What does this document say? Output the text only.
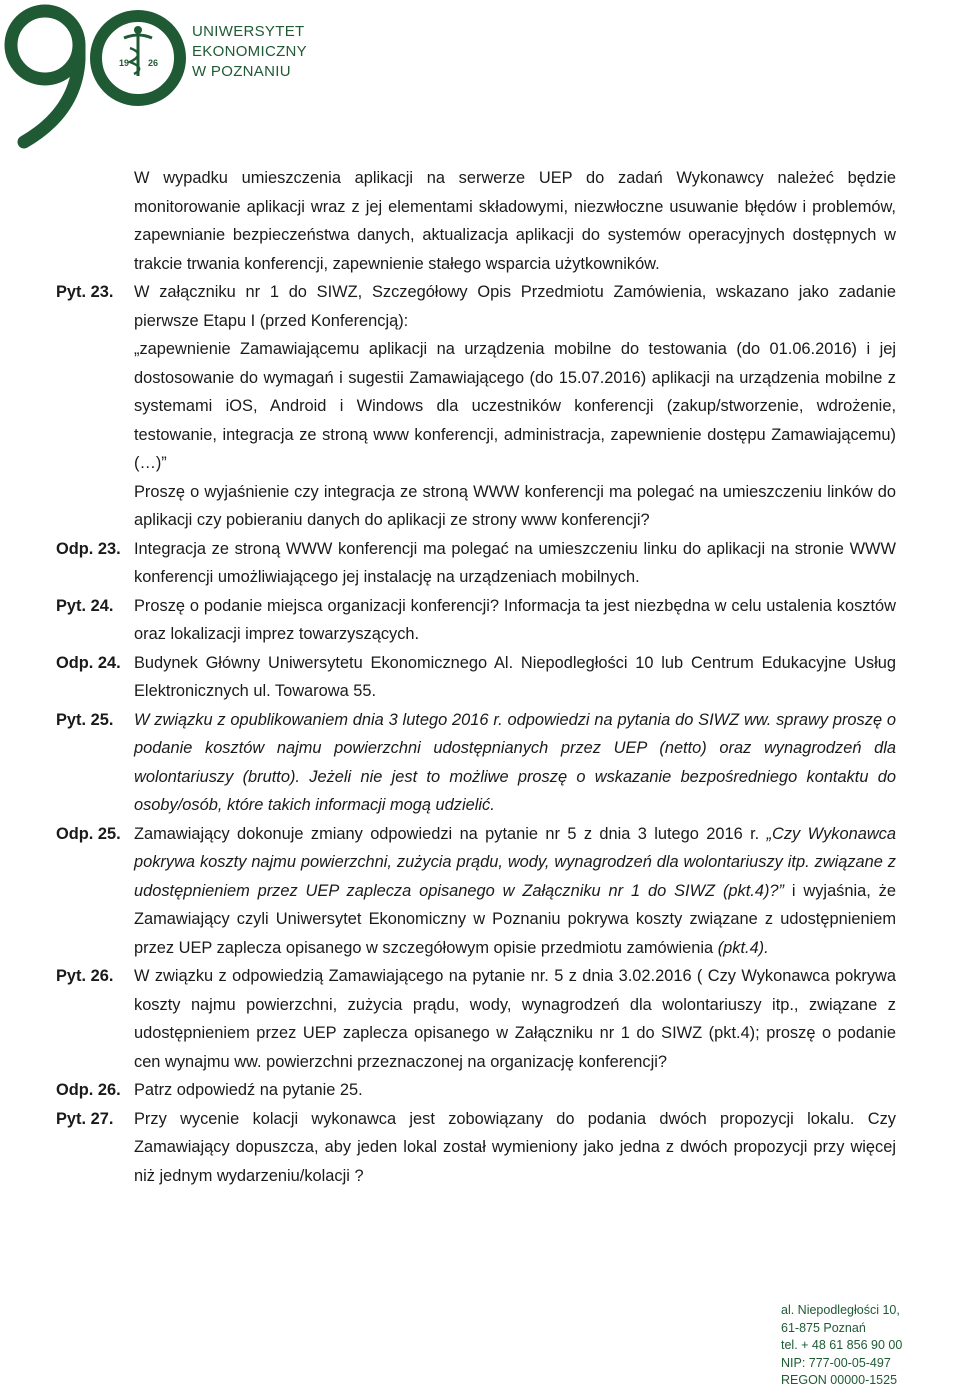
19 26
UNIWERSYTET
EKONOMICZNY
W POZNANIU
W wypadku umieszczenia aplikacji na serwerze UEP do zadań Wykonawcy należeć będzie monitorowanie aplikacji wraz z jej elementami składowymi, niezwłoczne usuwanie błędów i problemów, zapewnianie bezpieczeństwa danych, aktualizacja aplikacji do systemów operacyjnych dostępnych w trakcie trwania konferencji, zapewnienie stałego wsparcia użytkowników.
Pyt. 23.	W załączniku nr 1 do SIWZ, Szczegółowy Opis Przedmiotu Zamówienia, wskazano jako zadanie pierwsze Etapu I (przed Konferencją):
„zapewnienie Zamawiającemu aplikacji na urządzenia mobilne do testowania (do 01.06.2016) i jej dostosowanie do wymagań i sugestii Zamawiającego (do 15.07.2016) aplikacji na urządzenia mobilne z systemami iOS, Android i Windows dla uczestników konferencji (zakup/stworzenie, wdrożenie, testowanie, integracja ze stroną www konferencji, administracja, zapewnienie dostępu Zamawiającemu) (…)”
Proszę o wyjaśnienie czy integracja ze stroną WWW konferencji ma polegać na umieszczeniu linków do aplikacji czy pobieraniu danych do aplikacji ze strony www konferencji?
Odp. 23. Integracja ze stroną WWW konferencji ma polegać na umieszczeniu linku do aplikacji na stronie WWW konferencji umożliwiającego jej instalację na urządzeniach mobilnych.
Pyt. 24.	Proszę o podanie miejsca organizacji konferencji? Informacja ta jest niezbędna w celu ustalenia kosztów oraz lokalizacji imprez towarzyszących.
Odp. 24. Budynek Główny Uniwersytetu Ekonomicznego Al. Niepodległości 10 lub Centrum Edukacyjne Usług Elektronicznych ul. Towarowa 55.
Pyt. 25.	W związku z opublikowaniem dnia 3 lutego 2016 r. odpowiedzi na pytania do SIWZ ww. sprawy proszę o podanie kosztów najmu powierzchni udostępnianych przez UEP (netto) oraz wynagrodzeń dla wolontariuszy (brutto). Jeżeli nie jest to możliwe proszę o wskazanie bezpośredniego kontaktu do osoby/osób, które takich informacji mogą udzielić.
Odp. 25. Zamawiający dokonuje zmiany odpowiedzi na pytanie nr 5 z dnia 3 lutego 2016 r. „Czy Wykonawca pokrywa koszty najmu powierzchni, zużycia prądu, wody, wynagrodzeń dla wolontariuszy itp. związane z udostępnieniem przez UEP zaplecza opisanego w Załączniku nr 1 do SIWZ (pkt.4)?” i wyjaśnia, że Zamawiający czyli Uniwersytet Ekonomiczny w Poznaniu pokrywa koszty związane z udostępnieniem przez UEP zaplecza opisanego w szczegółowym opisie przedmiotu zamówienia (pkt.4).
Pyt. 26.	W związku z odpowiedzią Zamawiającego na pytanie nr. 5 z dnia 3.02.2016 ( Czy Wykonawca pokrywa koszty najmu powierzchni, zużycia prądu, wody, wynagrodzeń dla wolontariuszy itp., związane z udostępnieniem przez UEP zaplecza opisanego w Załączniku nr 1 do SIWZ (pkt.4); proszę o podanie cen wynajmu ww. powierzchni przeznaczonej na organizację konferencji?
Odp. 26. Patrz odpowiedź na pytanie 25.
Pyt. 27.	Przy wycenie kolacji wykonawca jest zobowiązany do podania dwóch propozycji lokalu. Czy Zamawiający dopuszcza, aby jeden lokal został wymieniony jako jedna z dwóch propozycji przy więcej niż jednym wydarzeniu/kolacji ?
al. Niepodległości 10,
61-875 Poznań
tel. + 48 61 856 90 00
NIP: 777-00-05-497
REGON 00000-1525
